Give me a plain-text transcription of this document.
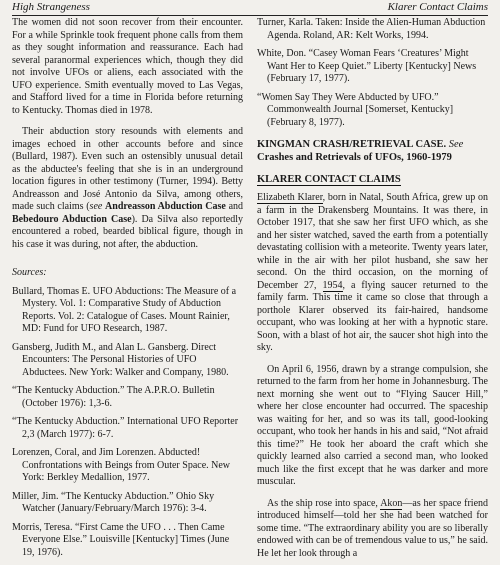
High Strangeness	Klarer Contact Claims

The women did not soon recover from their encounter. For a while Sprinkle took frequent phone calls from them as they sought information and reassurance. Each had several paranormal experiences which, though they did not involve UFOs or aliens, each associated with the UFO experience. Smith eventually moved to Las Vegas, and Stafford lived for a time in Florida before returning to Kentucky. Thomas died in 1978.

Their abduction story resounds with elements and images echoed in other accounts before and since (Bullard, 1987). Even such an ostensibly unusual detail as the abductee's feeling that she is in an underground location figures in other testimony (Turner, 1994). Betty Andreasson and José Antonio da Silva, among others, made such claims (see Andreasson Abduction Case and Bebedouro Abduction Case). Da Silva also reportedly encountered a robed, bearded biblical figure, though in his case it was during, not after, the abduction.

Sources:

Bullard, Thomas E. UFO Abductions: The Measure of a Mystery. Vol. 1: Comparative Study of Abduction Reports. Vol. 2: Catalogue of Cases. Mount Rainier, MD: Fund for UFO Research, 1987.

Gansberg, Judith M., and Alan L. Gansberg. Direct Encounters: The Personal Histories of UFO Abductees. New York: Walker and Company, 1980.

“The Kentucky Abduction.” The A.P.R.O. Bulletin (October 1976): 1,3-6.

“The Kentucky Abduction.” International UFO Reporter 2,3 (March 1977): 6-7.

Lorenzen, Coral, and Jim Lorenzen. Abducted! Confrontations with Beings from Outer Space. New York: Berkley Medallion, 1977.

Miller, Jim. “The Kentucky Abduction.” Ohio Sky Watcher (January/February/March 1976): 3-4.

Morris, Teresa. “First Came the UFO . . . Then Came Everyone Else.” Louisville [Kentucky] Times (June 19, 1976).

Turner, Karla. Taken: Inside the Alien-Human Abduction Agenda. Roland, AR: Kelt Works, 1994.

White, Don. “Casey Woman Fears ‘Creatures’ Might Want Her to Keep Quiet.” Liberty [Kentucky] News (February 17, 1977).

“Women Say They Were Abducted by UFO.” Commonwealth Journal [Somerset, Kentucky] (February 8, 1977).

KINGMAN CRASH/RETRIEVAL CASE. See Crashes and Retrievals of UFOs, 1960-1979

KLARER CONTACT CLAIMS

Elizabeth Klarer, born in Natal, South Africa, grew up on a farm in the Drakensberg Mountains. It was there, in October 1917, that she saw her first UFO which, as she and her sister watched, saved the earth from a potentially devastating collision with a meteorite. Twenty years later, while in the air with her pilot husband, she saw her second. On the third occasion, on the morning of December 27, 1954, a flying saucer returned to the family farm. This time it came so close that through a porthole Klarer observed its fair-haired, handsome occupant, who was looking at her with a hypnotic stare. Soon, with a blast of hot air, the saucer shot high into the sky.

On April 6, 1956, drawn by a strange compulsion, she returned to the farm from her home in Johannesburg. The next morning she went out to “Flying Saucer Hill,” where her close encounter had occurred. The spaceship was waiting for her, and so was its tall, good-looking occupant, who took her hands in his and said, “Not afraid this time?” He took her aboard the craft which she quickly learned also carried a second man, who looked much like the first except that he was darker and more muscular.

As the ship rose into space, Akon—as her space friend introduced himself—told her she had been watched for some time. “The extraordinary ability you are so liberally endowed with can be of tremendous value to us,” he said. He let her look through a
